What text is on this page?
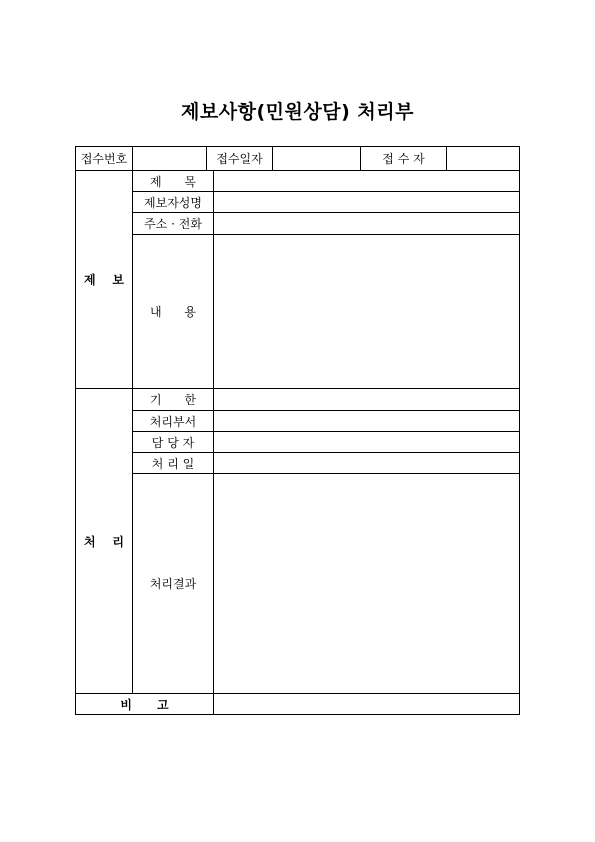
제보사항(민원상담) 처리부
접수번호	접수일자	접 수 자
제    보
제      목
제보자성명
주소 · 전화
내      용
처    리
기      한
처리부서
담 당 자
처 리 일
처리결과
비      고
